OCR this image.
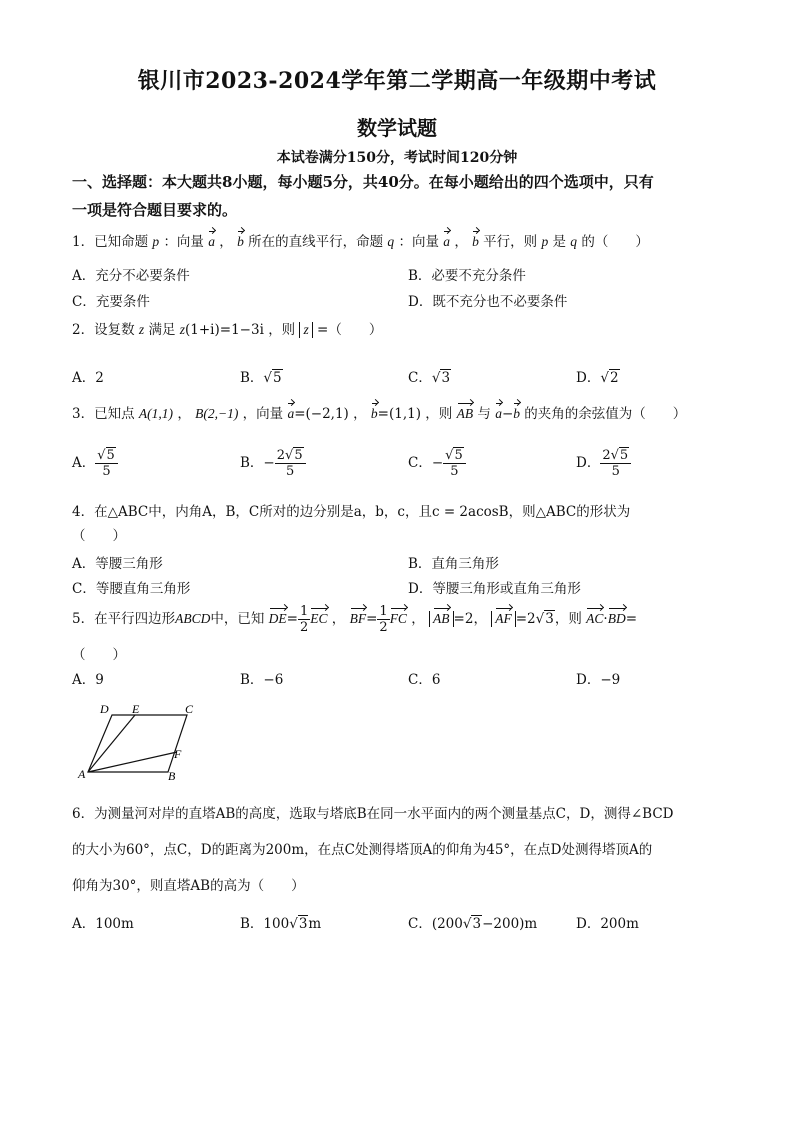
银川市2023-2024学年第二学期高一年级期中考试
数学试题
本试卷满分150分，考试时间120分钟
一、选择题：本大题共8小题，每小题5分，共40分。在每小题给出的四个选项中，只有
一项是符合题目要求的。
1．已知命题 p ：向量 a ， b 所在的直线平行，命题 q ：向量 a ， b 平行，则 p 是 q 的（　　）
A．充分不必要条件	B．必要不充分条件
C．充要条件	D．既不充分也不必要条件
2．设复数 z 满足 z(1+i)=1−3i ，则 z =（　　）
A．2	B．√5	C．√3	D．√2
3．已知点 A(1,1) ， B(2,−1) ，向量 a=(−2,1) ， b=(1,1) ，则 AB 与 a−b 的夹角的余弦值为（　　）
A． $\frac{√5}{5}$	B．− $\frac{2√5}{5}$	C．− $\frac{√5}{5}$	D． $\frac{2√5}{5}$
4．在△ABC中，内角A，B，C所对的边分别是a，b，c，且c = 2acosB，则△ABC的形状为
（　　）
A．等腰三角形	B．直角三角形
C．等腰直角三角形	D．等腰三角形或直角三角形
5．在平行四边形ABCD中，已知 $DE= \frac{1}{2}$ EC ， $BF= \frac{1}{2}$ FC ， AB =2， AF =2√3，则 AC·BD=
（　　）
A．9	B．−6	C．6	D．−9
D E	C
F
A	B
6．为测量河对岸的直塔AB的高度，选取与塔底B在同一水平面内的两个测量基点C，D，测得∠BCD
的大小为60°，点C，D的距离为200m，在点C处测得塔顶A的仰角为45°，在点D处测得塔顶A的
仰角为30°，则直塔AB的高为（　　）
A．100m	B．100√3m	C．(200√3−200)m	D．200m
